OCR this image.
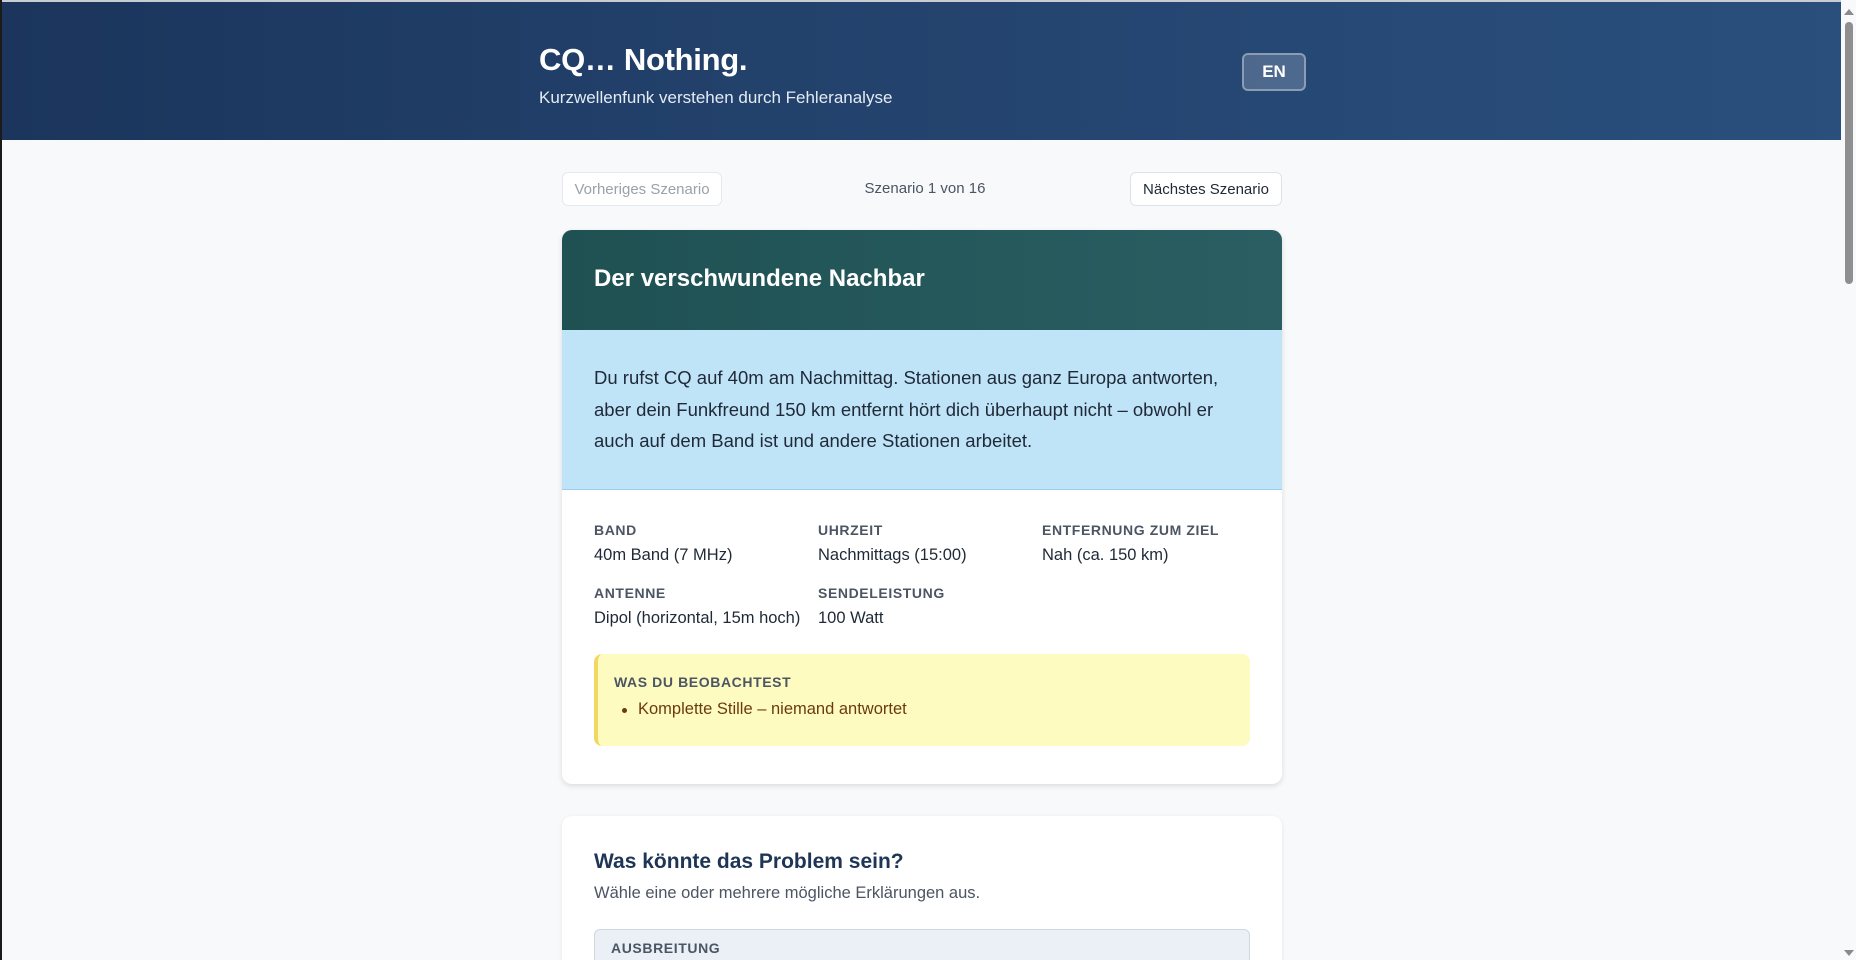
CQ… Nothing.

Kurzwellenfunk verstehen durch Fehleranalyse

EN
Vorheriges Szenario	Szenario 1 von 16	Nächstes Szenario
Der verschwundene Nachbar
Du rufst CQ auf 40m am Nachmittag. Stationen aus ganz Europa antworten, aber dein Funkfreund 150 km entfernt hört dich überhaupt nicht – obwohl er auch auf dem Band ist und andere Stationen arbeitet.
BAND
40m Band (7 MHz)
UHRZEIT
Nachmittags (15:00)
ENTFERNUNG ZUM ZIEL
Nah (ca. 150 km)
ANTENNE
Dipol (horizontal, 15m hoch)
SENDELEISTUNG
100 Watt
WAS DU BEOBACHTEST
Komplette Stille – niemand antwortet
Was könnte das Problem sein?

Wähle eine oder mehrere mögliche Erklärungen aus.

AUSBREITUNG
